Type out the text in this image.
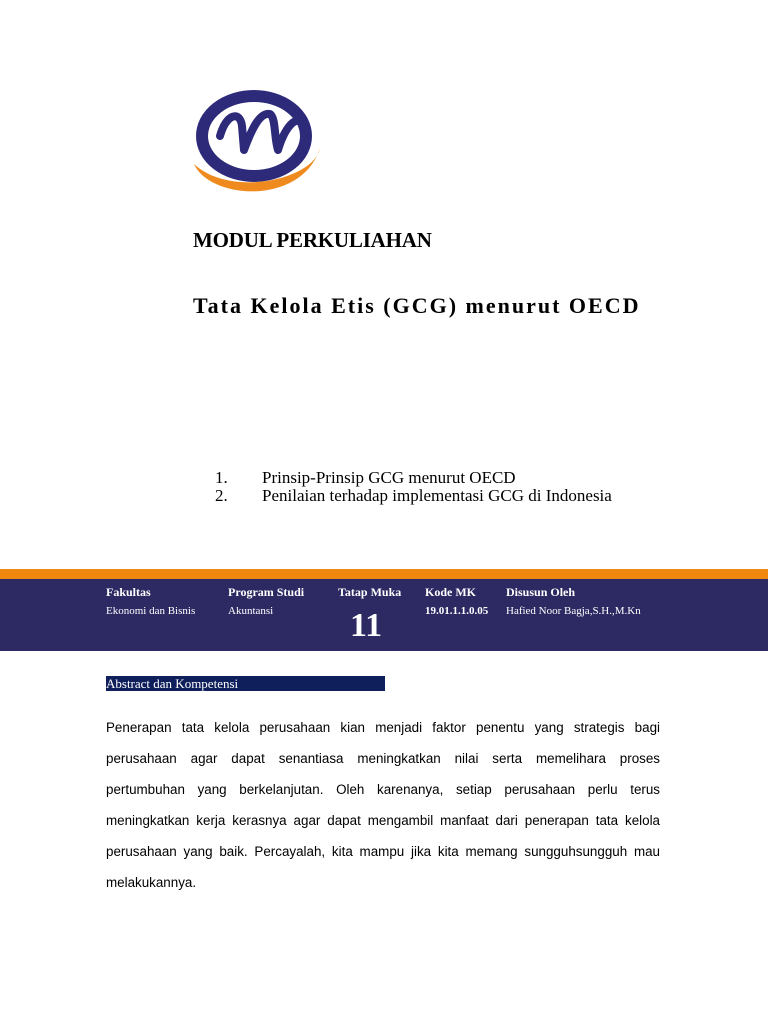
MODUL PERKULIAHAN
Tata Kelola Etis (GCG) menurut OECD
1.	Prinsip-Prinsip GCG menurut OECD
2.	Penilaian terhadap implementasi GCG di Indonesia
Fakultas
Ekonomi dan Bisnis
Program Studi
Akuntansi
Tatap Muka
11
Kode MK
19.01.1.1.0.05
Disusun Oleh
Hafied Noor Bagja,S.H.,M.Kn
Abstract dan Kompetensi

Penerapan tata kelola perusahaan kian menjadi faktor penentu yang strategis bagi perusahaan agar dapat senantiasa meningkatkan nilai serta memelihara proses pertumbuhan yang berkelanjutan. Oleh karenanya, setiap perusahaan perlu terus meningkatkan kerja kerasnya agar dapat mengambil manfaat dari penerapan tata kelola perusahaan yang baik. Percayalah, kita mampu jika kita memang sungguhsungguh mau melakukannya.
